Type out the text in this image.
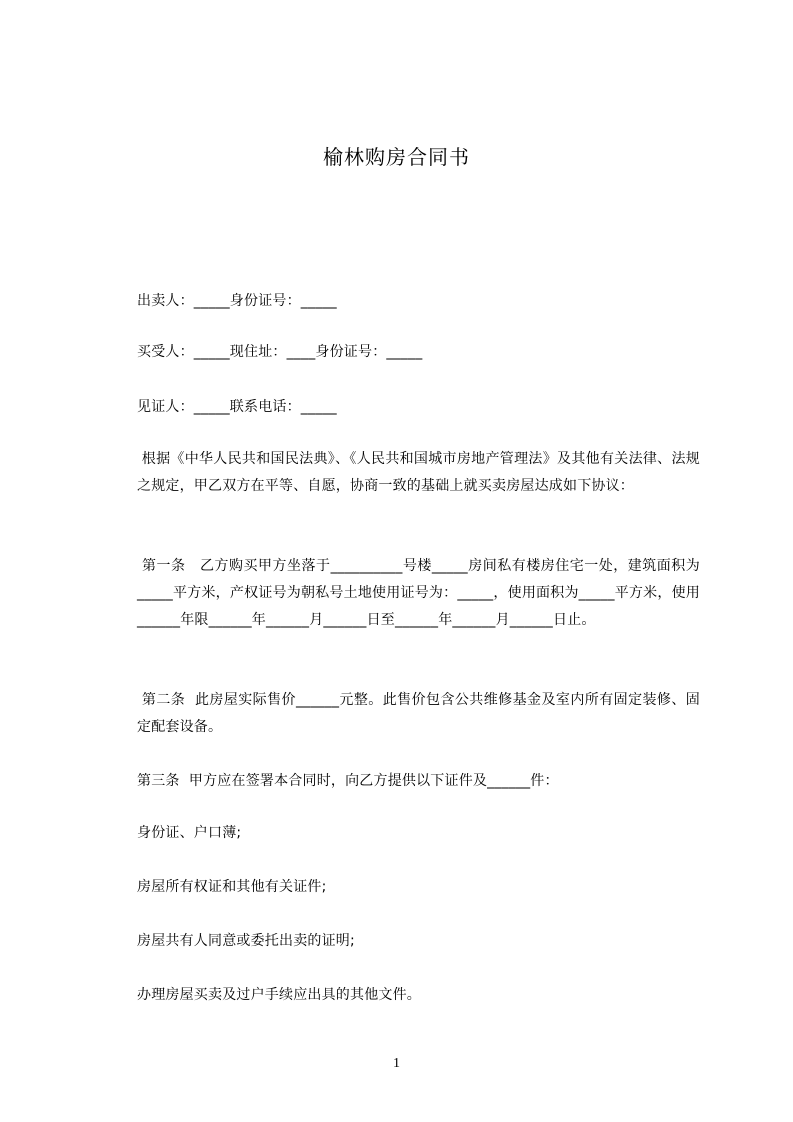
榆林购房合同书
出卖人：_____身份证号：_____
买受人：_____现住址：____身份证号：_____
见证人：_____联系电话：_____
根据《中华人民共和国民法典》、《人民共和国城市房地产管理法》及其他有关法律、法规之规定，甲乙双方在平等、自愿，协商一致的基础上就买卖房屋达成如下协议：
第一条　乙方购买甲方坐落于__________号楼_____房间私有楼房住宅一处，建筑面积为_____平方米，产权证号为朝私号土地使用证号为：_____，使用面积为_____平方米，使用______年限______年______月______日至______年______月______日止。
第二条  此房屋实际售价______元整。此售价包含公共维修基金及室内所有固定装修、固定配套设备。
第三条  甲方应在签署本合同时，向乙方提供以下证件及______件：
身份证、户口薄;
房屋所有权证和其他有关证件;
房屋共有人同意或委托出卖的证明;
办理房屋买卖及过户手续应出具的其他文件。
1
